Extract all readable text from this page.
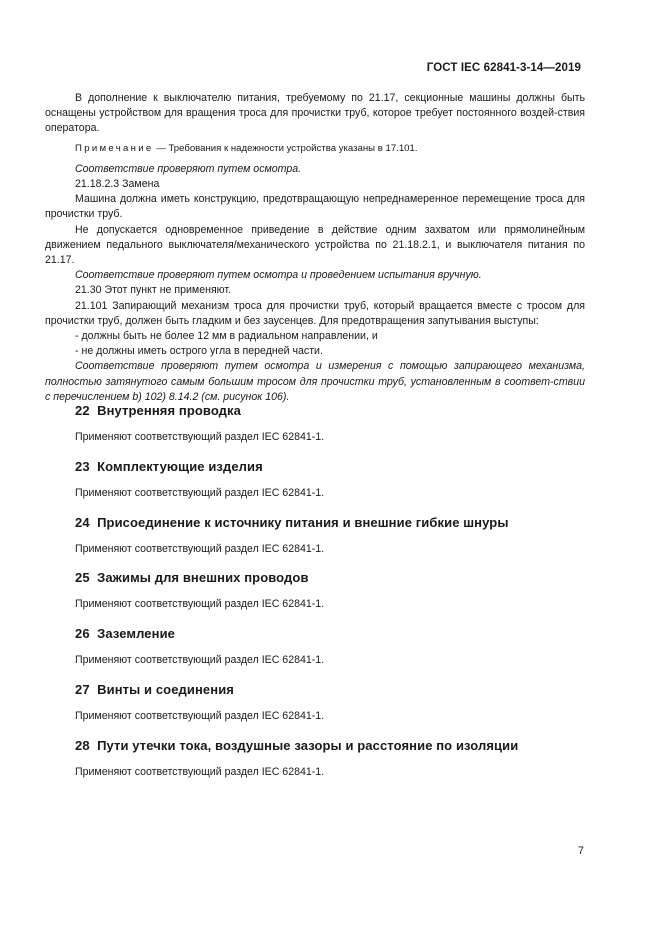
ГОСТ IEC 62841-3-14—2019

В дополнение к выключателю питания, требуемому по 21.17, секционные машины должны быть оснащены устройством для вращения троса для прочистки труб, которое требует постоянного воздей-ствия оператора.

Примечание — Требования к надежности устройства указаны в 17.101.

Соответствие проверяют путем осмотра.

21.18.2.3 Замена

Машина должна иметь конструкцию, предотвращающую непреднамеренное перемещение троса для прочистки труб.

Не допускается одновременное приведение в действие одним захватом или прямолинейным движением педального выключателя/механического устройства по 21.18.2.1, и выключателя питания по 21.17.

Соответствие проверяют путем осмотра и проведением испытания вручную.

21.30 Этот пункт не применяют.

21.101 Запирающий механизм троса для прочистки труб, который вращается вместе с тросом для прочистки труб, должен быть гладким и без заусенцев. Для предотвращения запутывания выступы:

- должны быть не более 12 мм в радиальном направлении, и

- не должны иметь острого угла в передней части.

Соответствие проверяют путем осмотра и измерения с помощью запирающего механизма, полностью затянутого самым большим тросом для прочистки труб, установленным в соответ-ствии с перечислением b) 102) 8.14.2 (см. рисунок 106).

22 Внутренняя проводка

Применяют соответствующий раздел IEC 62841-1.

23 Комплектующие изделия

Применяют соответствующий раздел IEC 62841-1.

24 Присоединение к источнику питания и внешние гибкие шнуры

Применяют соответствующий раздел IEC 62841-1.

25 Зажимы для внешних проводов

Применяют соответствующий раздел IEC 62841-1.

26 Заземление

Применяют соответствующий раздел IEC 62841-1.

27 Винты и соединения

Применяют соответствующий раздел IEC 62841-1.

28 Пути утечки тока, воздушные зазоры и расстояние по изоляции

Применяют соответствующий раздел IEC 62841-1.

7
